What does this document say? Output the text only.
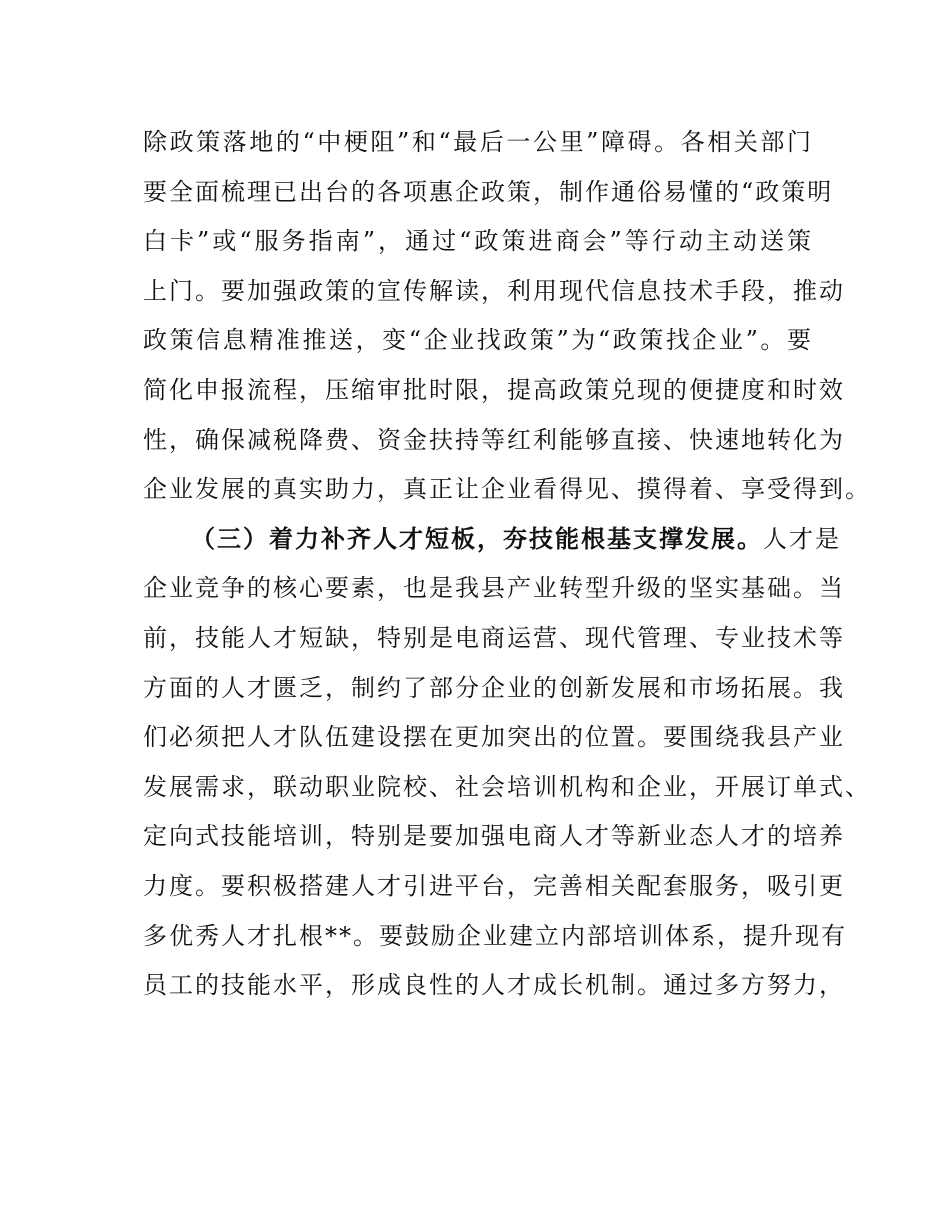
除政策落地的“中梗阻”和“最后一公里”障碍。各相关部门
要全面梳理已出台的各项惠企政策，制作通俗易懂的“政策明
白卡”或“服务指南”，通过“政策进商会”等行动主动送策
上门。要加强政策的宣传解读，利用现代信息技术手段，推动
政策信息精准推送，变“企业找政策”为“政策找企业”。要
简化申报流程，压缩审批时限，提高政策兑现的便捷度和时效
性，确保减税降费、资金扶持等红利能够直接、快速地转化为
企业发展的真实助力，真正让企业看得见、摸得着、享受得到。
（三）着力补齐人才短板，夯技能根基支撑发展。人才是
企业竞争的核心要素，也是我县产业转型升级的坚实基础。当
前，技能人才短缺，特别是电商运营、现代管理、专业技术等
方面的人才匮乏，制约了部分企业的创新发展和市场拓展。我
们必须把人才队伍建设摆在更加突出的位置。要围绕我县产业
发展需求，联动职业院校、社会培训机构和企业，开展订单式、
定向式技能培训，特别是要加强电商人才等新业态人才的培养
力度。要积极搭建人才引进平台，完善相关配套服务，吸引更
多优秀人才扎根**。要鼓励企业建立内部培训体系，提升现有
员工的技能水平，形成良性的人才成长机制。通过多方努力，
